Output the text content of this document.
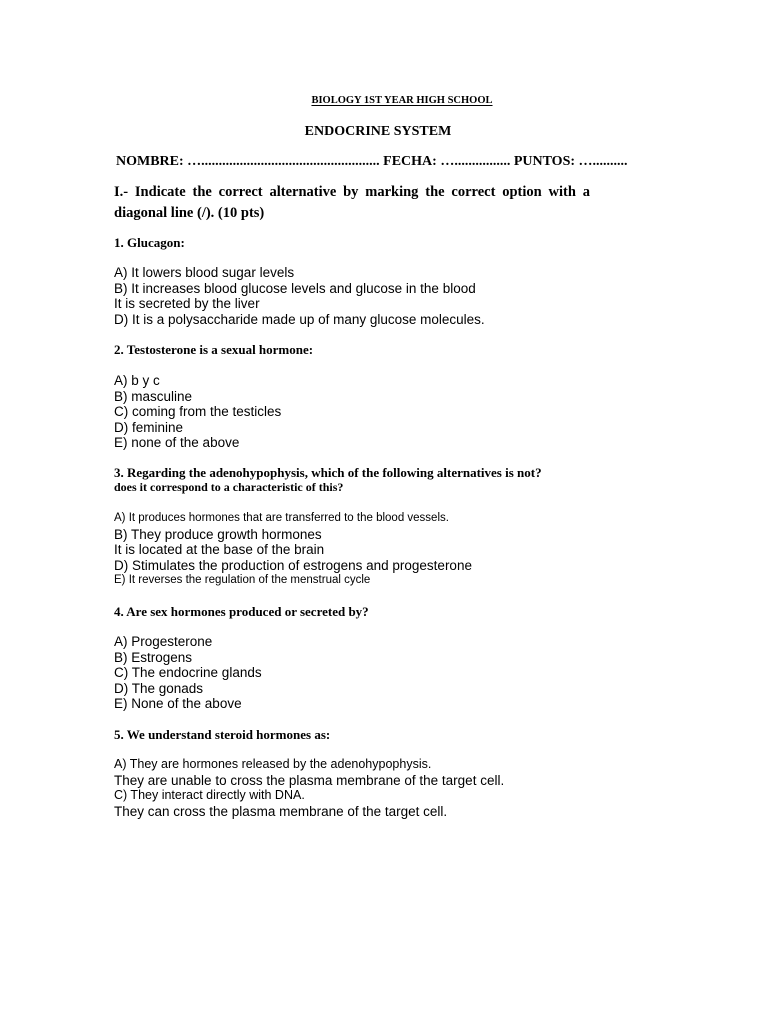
BIOLOGY 1ST YEAR HIGH SCHOOL
ENDOCRINE SYSTEM
NOMBRE: …................................................... FECHA: …................ PUNTOS: …..........
I.- Indicate the correct alternative by marking the correct option with a
diagonal line (/). (10 pts)
1. Glucagon:
A) It lowers blood sugar levels
B) It increases blood glucose levels and glucose in the blood
It is secreted by the liver
D) It is a polysaccharide made up of many glucose molecules.
2. Testosterone is a sexual hormone:
A) b y c
B) masculine
C) coming from the testicles
D) feminine
E) none of the above
3. Regarding the adenohypophysis, which of the following alternatives is not?
does it correspond to a characteristic of this?
A) It produces hormones that are transferred to the blood vessels.
B) They produce growth hormones
It is located at the base of the brain
D) Stimulates the production of estrogens and progesterone
E) It reverses the regulation of the menstrual cycle
4. Are sex hormones produced or secreted by?
A) Progesterone
B) Estrogens
C) The endocrine glands
D) The gonads
E) None of the above
5. We understand steroid hormones as:
A) They are hormones released by the adenohypophysis.
They are unable to cross the plasma membrane of the target cell.
C) They interact directly with DNA.
They can cross the plasma membrane of the target cell.
